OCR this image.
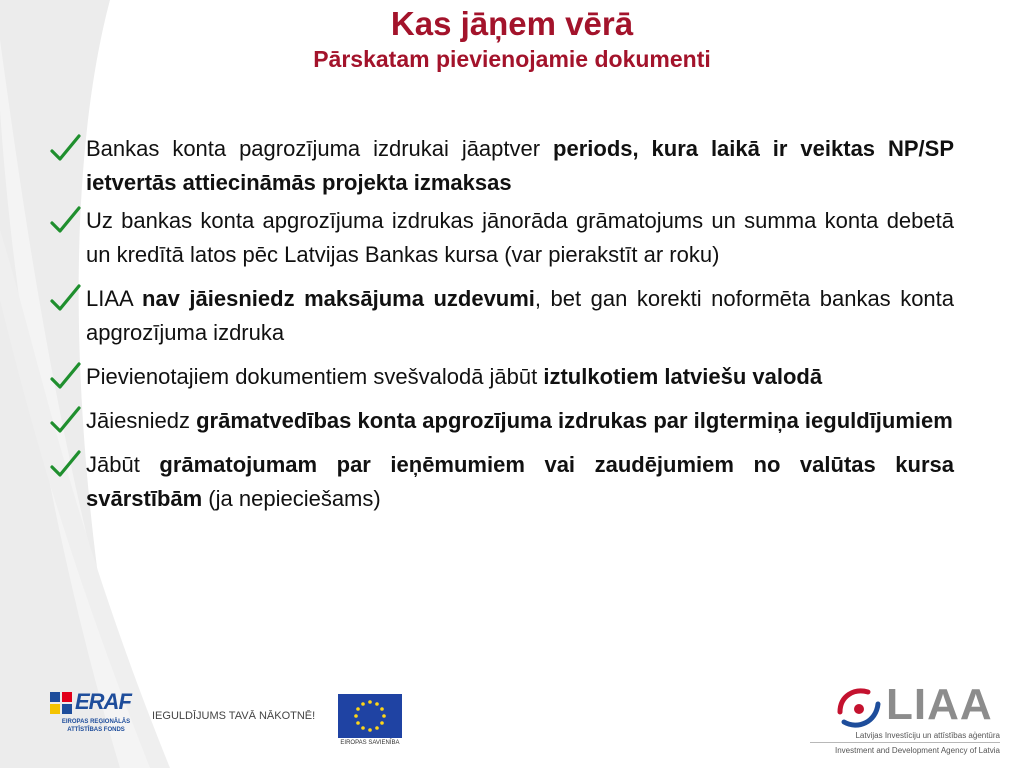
Kas jāņem vērā
Pārskatam pievienojamie dokumenti
Bankas konta pagrozījuma izdrukai jāaptver periods, kura laikā ir veiktas NP/SP ietvertās attiecināmās projekta izmaksas
Uz bankas konta apgrozījuma izdrukas jānorāda grāmatojums un summa konta debetā un kredītā latos pēc Latvijas Bankas kursa (var pierakstīt ar roku)
LIAA nav jāiesniedz maksājuma uzdevumi, bet gan korekti noformēta bankas konta apgrozījuma izdruka
Pievienotajiem dokumentiem svešvalodā jābūt iztulkotiem latviešu valodā
Jāiesniedz grāmatvedības konta apgrozījuma izdrukas par ilgtermiņa ieguldījumiem
Jābūt grāmatojumam par ieņēmumiem vai zaudējumiem no valūtas kursa svārstībām (ja nepieciešams)
ERAF
EIROPAS REĢIONĀLĀS ATTĪSTĪBAS FONDS
IEGULDĪJUMS TAVĀ NĀKOTNĒ!
EIROPAS SAVIENĪBA
LIAA
Latvijas Investīciju un attīstības aģentūra
Investment and Development Agency of Latvia
